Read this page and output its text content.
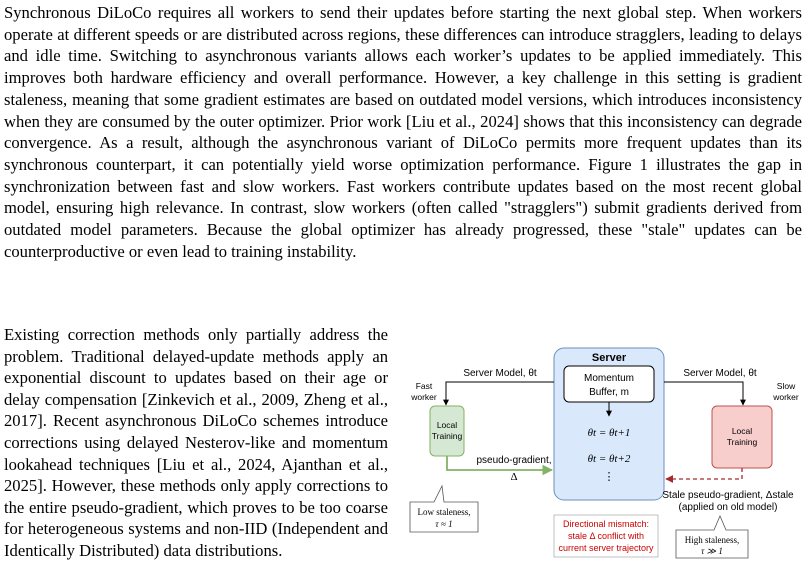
Synchronous DiLoCo requires all workers to send their updates before starting the next global step. When workers operate at different speeds or are distributed across regions, these differences can introduce stragglers, leading to delays and idle time. Switching to asynchronous variants allows each worker’s updates to be applied immediately. This improves both hardware efficiency and overall performance. However, a key challenge in this setting is gradient staleness, meaning that some gradient estimates are based on outdated model versions, which introduces inconsistency when they are consumed by the outer optimizer. Prior work [Liu et al., 2024] shows that this inconsistency can degrade convergence. As a result, although the asynchronous variant of DiLoCo permits more frequent updates than its synchronous counterpart, it can potentially yield worse optimization performance. Figure 1 illustrates the gap in synchronization between fast and slow workers. Fast workers contribute updates based on the most recent global model, ensuring high relevance. In contrast, slow workers (often called "stragglers") submit gradients derived from outdated model parameters. Because the global optimizer has already progressed, these "stale" updates can be counterproductive or even lead to training instability.

Existing correction methods only partially address the problem. Traditional delayed-update methods apply an exponential discount to updates based on their age or delay compensation [Zinkevich et al., 2009, Zheng et al., 2017]. Recent asynchronous DiLoCo schemes introduce corrections using delayed Nesterov-like and momentum lookahead techniques [Liu et al., 2024, Ajanthan et al., 2025]. However, these methods only apply corrections to the entire pseudo-gradient, which proves to be too coarse for heterogeneous systems and non-IID (Independent and Identically Distributed) data distributions.

Server
Momentum
Buffer, m
θt = θt+1
θt = θt+2
⋮
Server Model, θt	Server Model, θt
Fast
worker
Local
Training
pseudo-gradient,
Δ
Low staleness,
τ ≈ 1
Slow
worker
Local
Training
Stale pseudo-gradient, Δstale
(applied on old model)
Directional mismatch:
stale Δ conflict with
current server trajectory
High staleness,
τ ≫ 1
